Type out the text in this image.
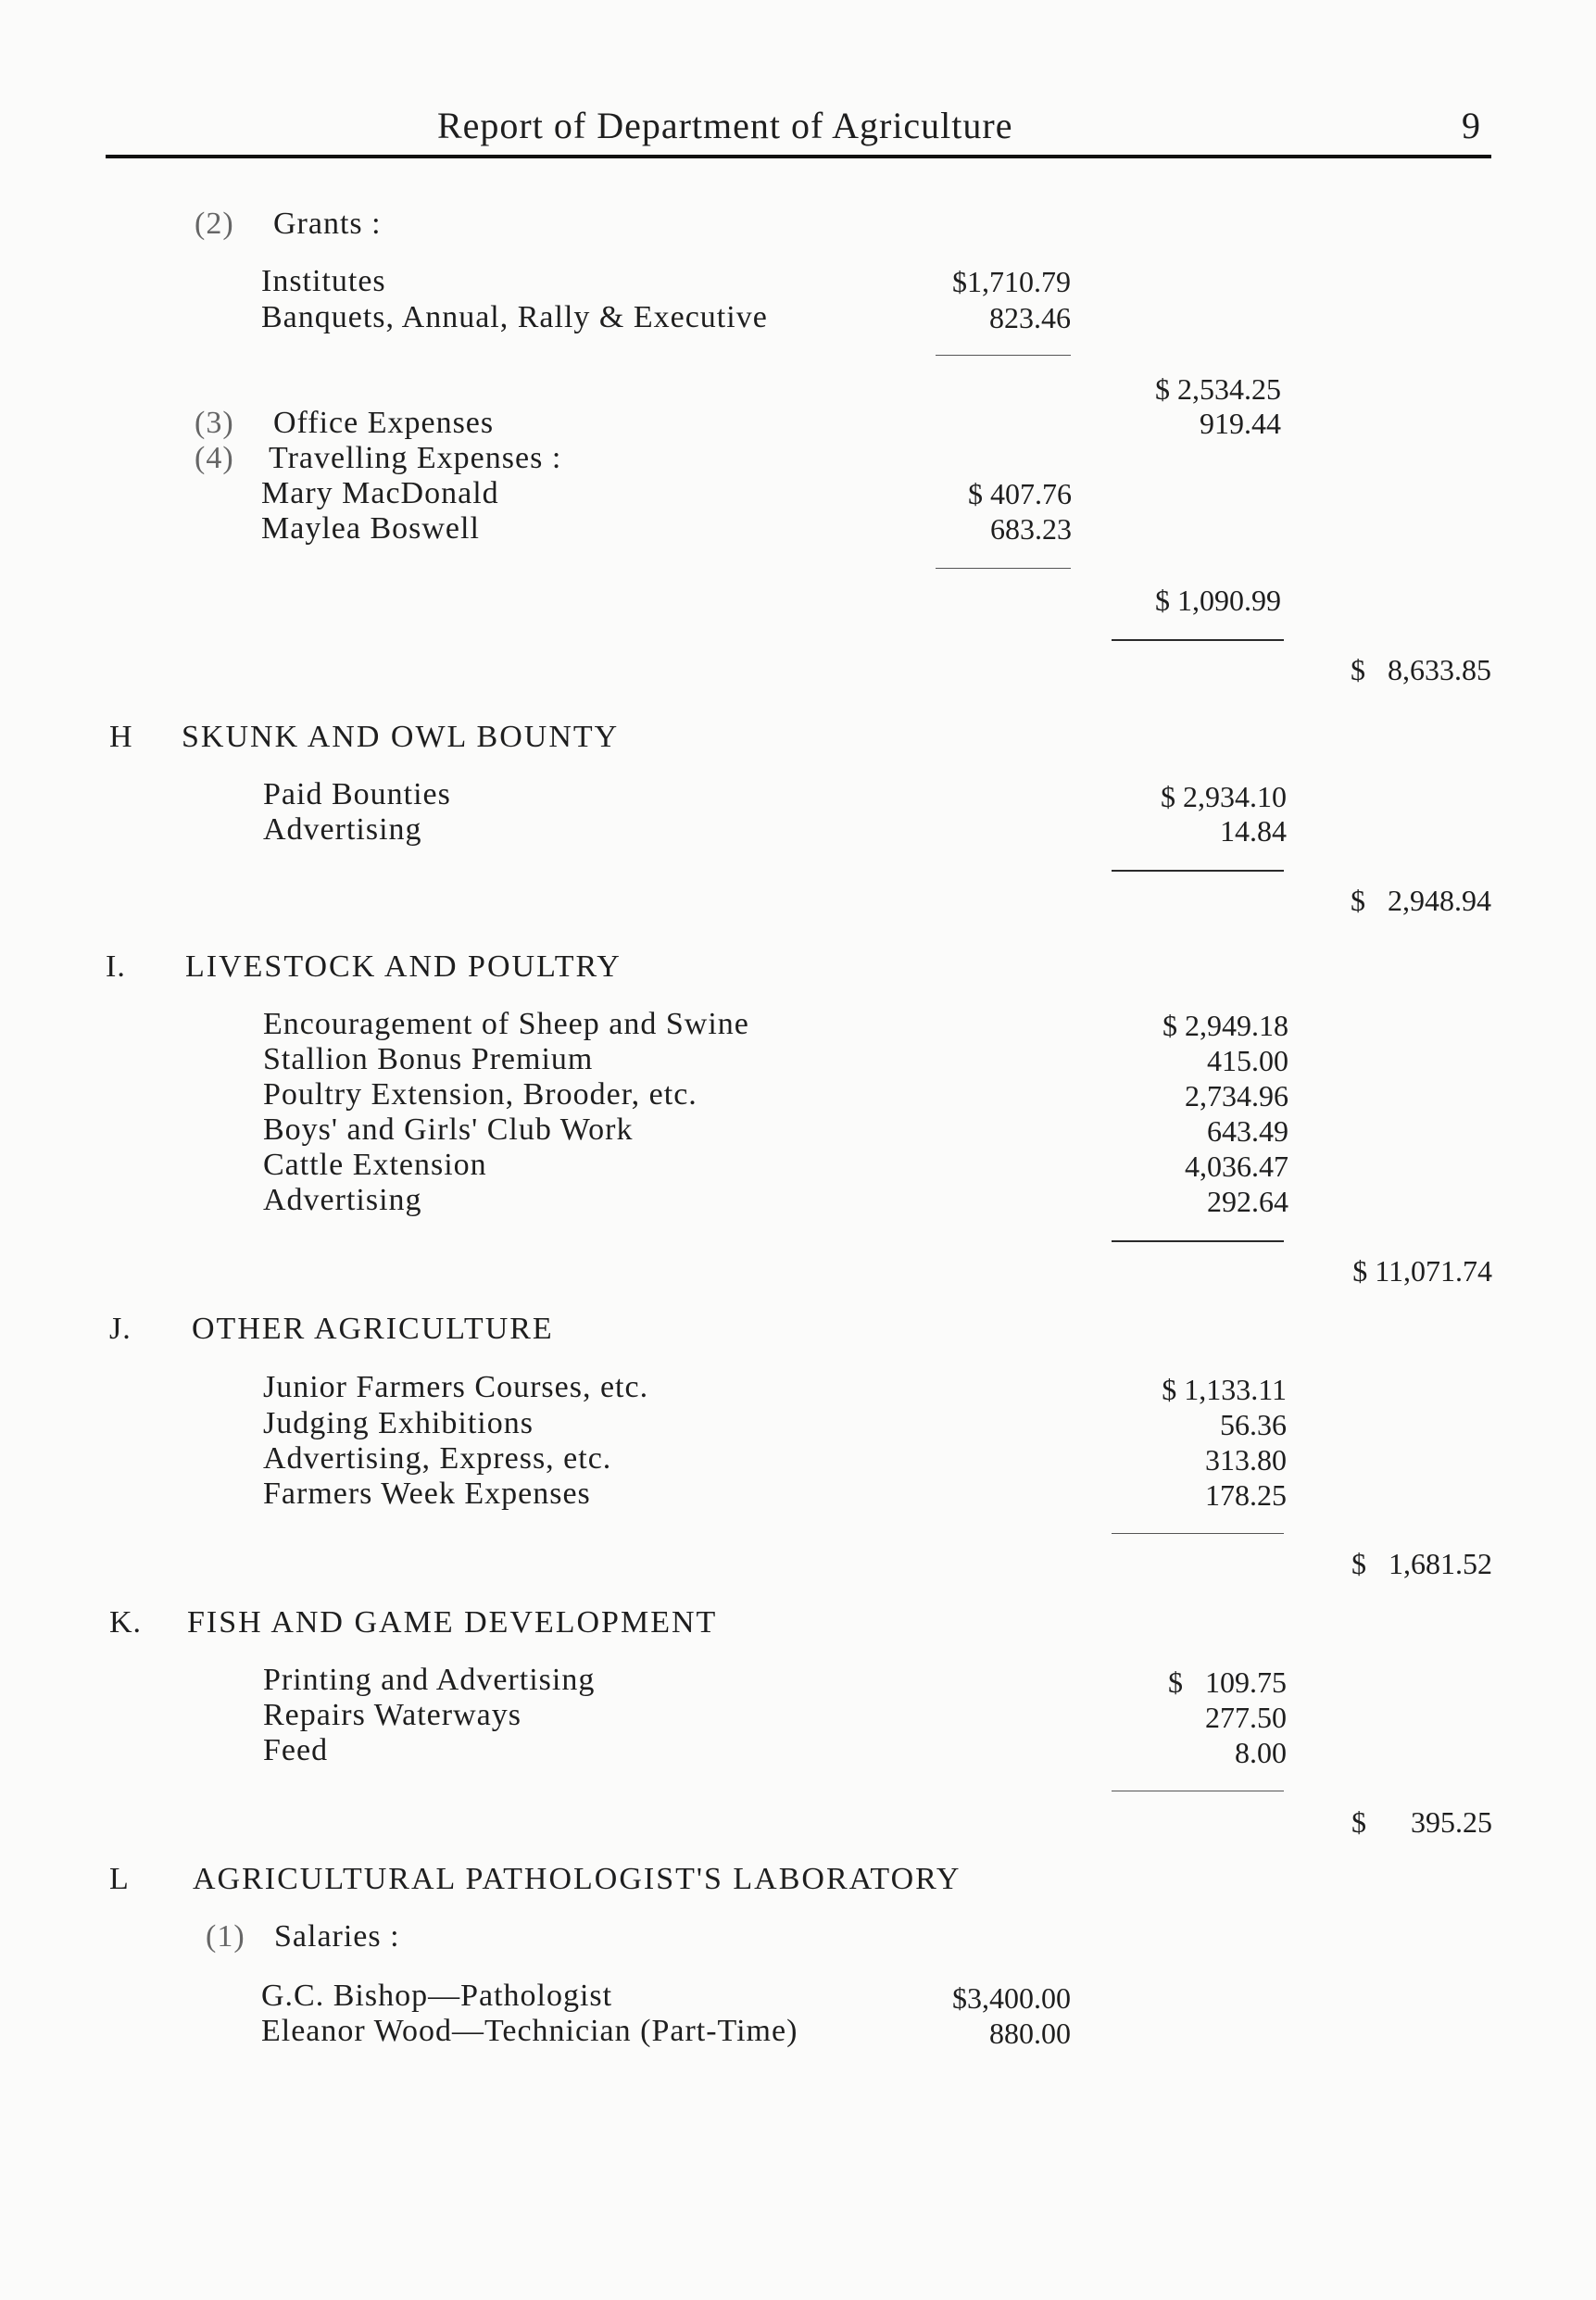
Report of Department of Agriculture	9
(2) Grants :
Institutes	$1,710.79
Banquets, Annual, Rally & Executive	823.46
$ 2,534.25
(3) Office Expenses	919.44
(4) Travelling Expenses :
Mary MacDonald	$ 407.76
Maylea Boswell	683.23
$ 1,090.99
$   8,633.85
H SKUNK AND OWL BOUNTY
Paid Bounties	$ 2,934.10
Advertising	14.84
$   2,948.94
I. LIVESTOCK AND POULTRY
Encouragement of Sheep and Swine	$ 2,949.18
Stallion Bonus Premium	415.00
Poultry Extension, Brooder, etc.	2,734.96
Boys' and Girls' Club Work	643.49
Cattle Extension	4,036.47
Advertising	292.64
$ 11,071.74
J. OTHER AGRICULTURE
Junior Farmers Courses, etc.	$ 1,133.11
Judging Exhibitions	56.36
Advertising, Express, etc.	313.80
Farmers Week Expenses	178.25
$   1,681.52
K. FISH AND GAME DEVELOPMENT
Printing and Advertising	$   109.75
Repairs Waterways	277.50
Feed	8.00
$      395.25
L AGRICULTURAL PATHOLOGIST'S LABORATORY
(1) Salaries :
G.C. Bishop—Pathologist	$3,400.00
Eleanor Wood—Technician (Part-Time)	880.00
